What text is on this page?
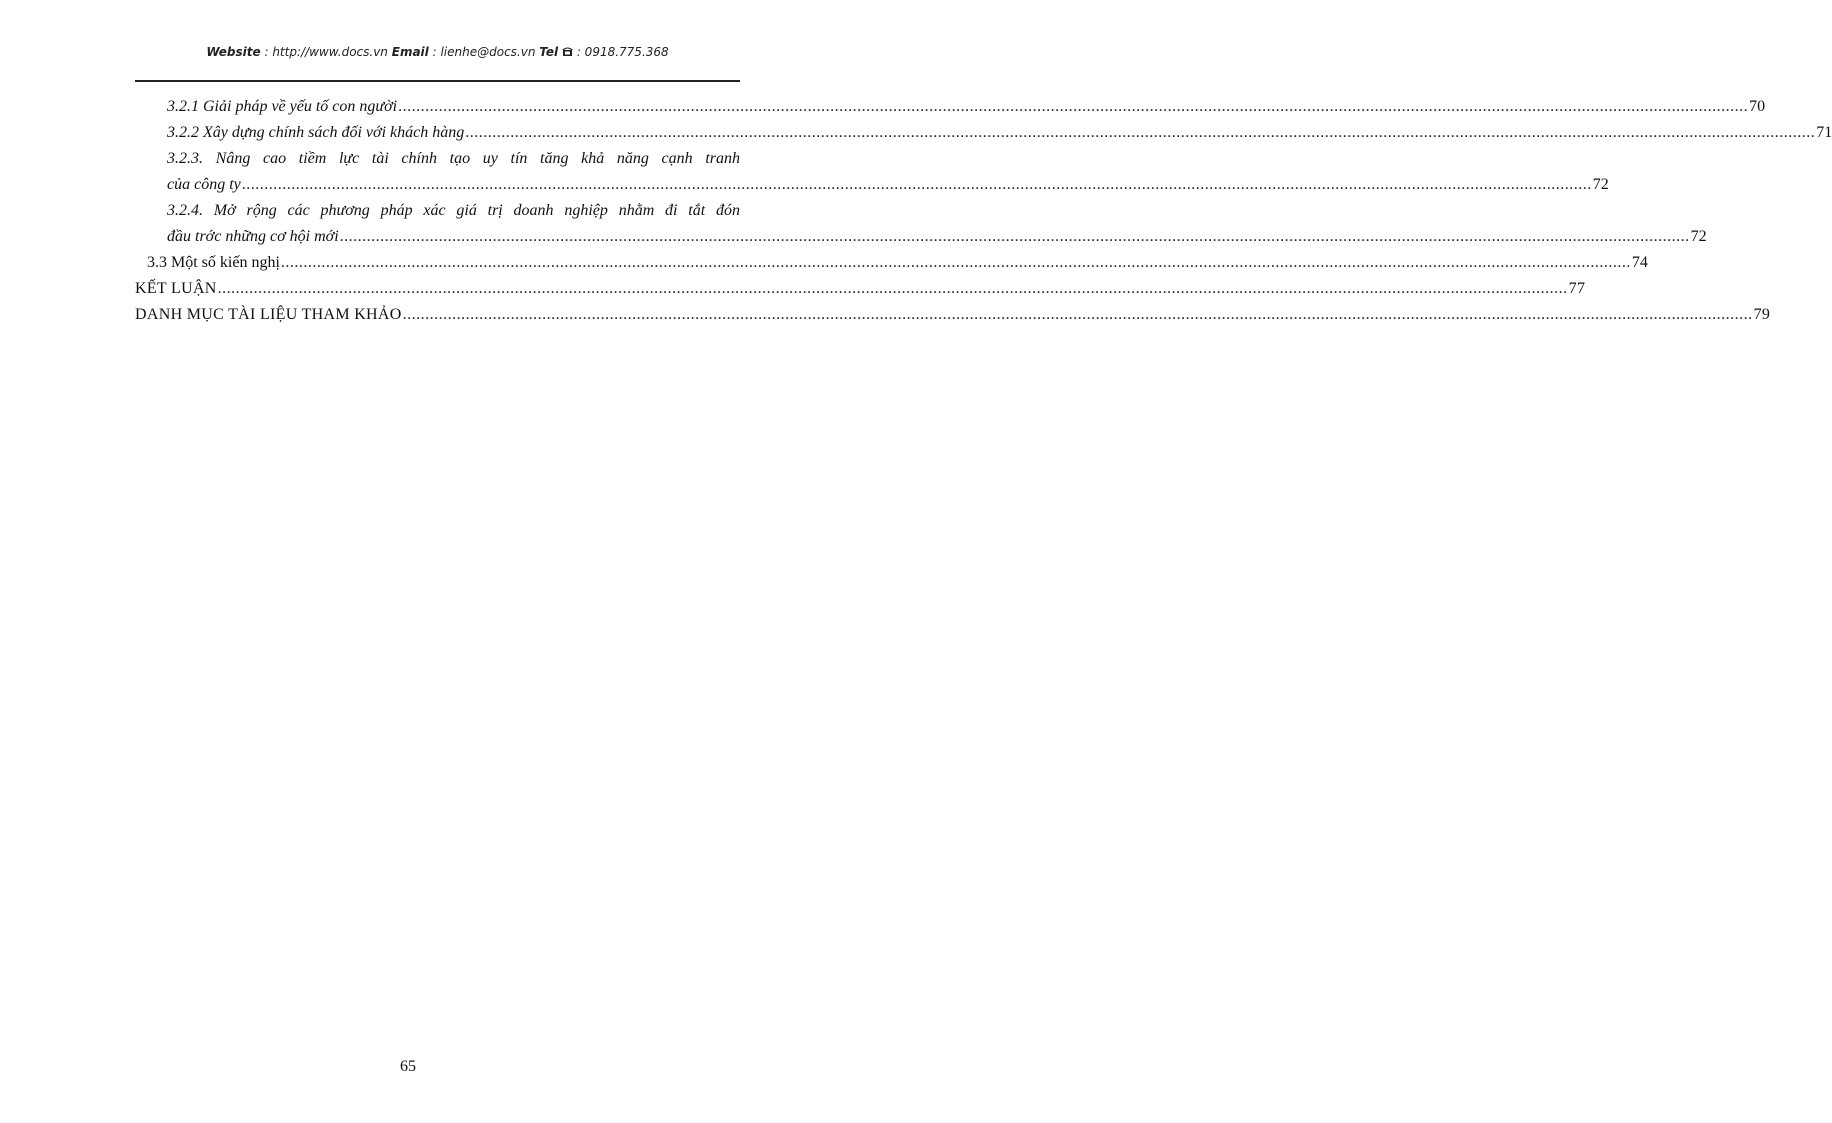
Website : http://www.docs.vn Email : lienhe@docs.vn Tel : 0918.775.368
3.2.1 Giải pháp về yếu tố con người ............................................................................................................................................................................................................................................................................................................ 70
3.2.2 Xây dựng chính sách đối với khách hàng ............................................................................................................................................................................................................................................................................................................ 71
3.2.3. Nâng cao tiềm lực tài chính tạo uy tín tăng khả năng cạnh tranh
của công ty ............................................................................................................................................................................................................................................................................................................ 72
3.2.4. Mở rộng các phương pháp xác giá trị doanh nghiệp nhằm đi tắt đón
đầu trớc những cơ hội mới ............................................................................................................................................................................................................................................................................................................ 72
3.3 Một số kiến nghị ............................................................................................................................................................................................................................................................................................................ 74
KẾT LUẬN ............................................................................................................................................................................................................................................................................................................ 77
DANH MỤC TÀI LIỆU THAM KHẢO ............................................................................................................................................................................................................................................................................................................ 79
65
